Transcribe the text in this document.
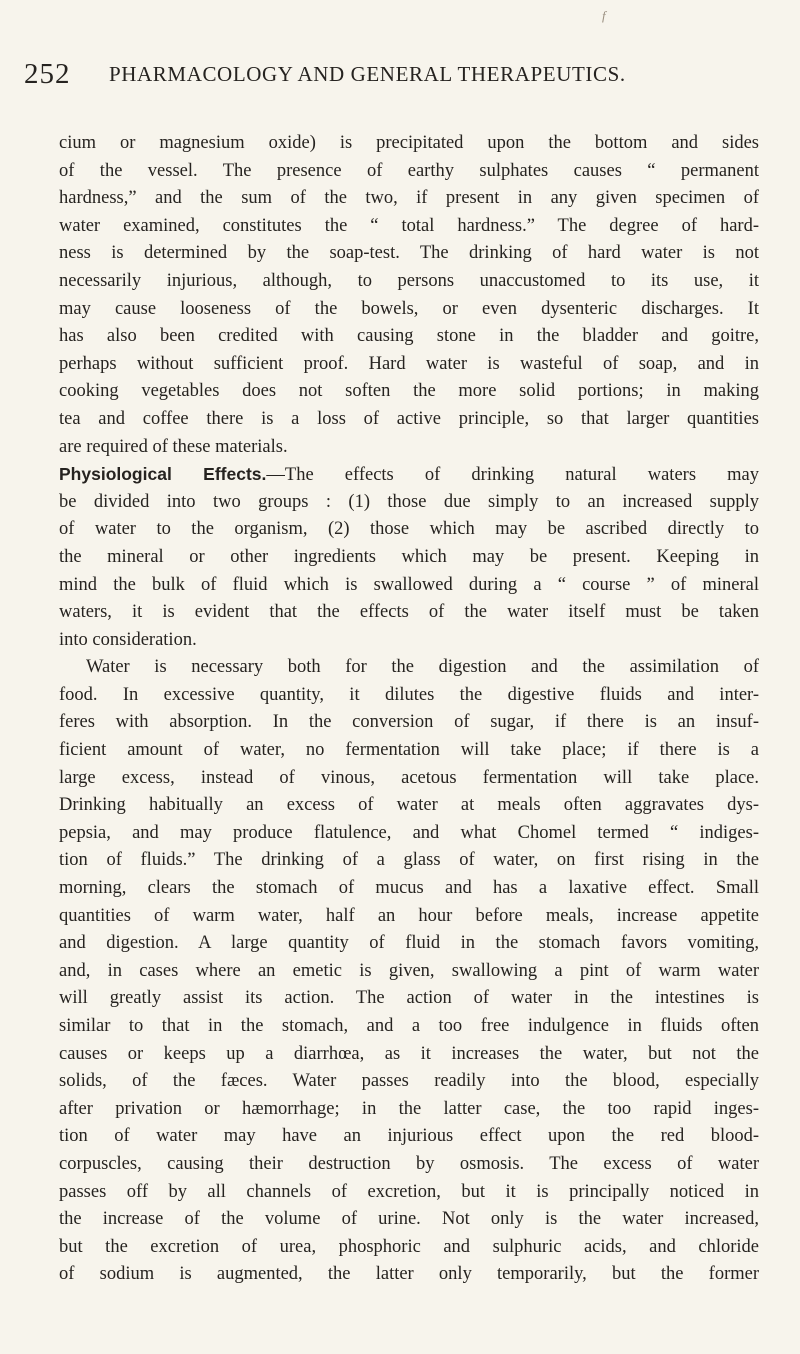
f
252 PHARMACOLOGY AND GENERAL THERAPEUTICS.
cium or magnesium oxide) is precipitated upon the bottom and sides
of the vessel. The presence of earthy sulphates causes “ permanent
hardness,” and the sum of the two, if present in any given specimen of
water examined, constitutes the “ total hardness.” The degree of hard-
ness is determined by the soap-test. The drinking of hard water is not
necessarily injurious, although, to persons unaccustomed to its use, it
may cause looseness of the bowels, or even dysenteric discharges. It
has also been credited with causing stone in the bladder and goitre,
perhaps without sufficient proof. Hard water is wasteful of soap, and in
cooking vegetables does not soften the more solid portions; in making
tea and coffee there is a loss of active principle, so that larger quantities
are required of these materials.
Physiological Effects.—The effects of drinking natural waters may
be divided into two groups : (1) those due simply to an increased supply
of water to the organism, (2) those which may be ascribed directly to
the mineral or other ingredients which may be present. Keeping in
mind the bulk of fluid which is swallowed during a “ course ” of mineral
waters, it is evident that the effects of the water itself must be taken
into consideration.
Water is necessary both for the digestion and the assimilation of
food. In excessive quantity, it dilutes the digestive fluids and inter-
feres with absorption. In the conversion of sugar, if there is an insuf-
ficient amount of water, no fermentation will take place; if there is a
large excess, instead of vinous, acetous fermentation will take place.
Drinking habitually an excess of water at meals often aggravates dys-
pepsia, and may produce flatulence, and what Chomel termed “ indiges-
tion of fluids.” The drinking of a glass of water, on first rising in the
morning, clears the stomach of mucus and has a laxative effect. Small
quantities of warm water, half an hour before meals, increase appetite
and digestion. A large quantity of fluid in the stomach favors vomiting,
and, in cases where an emetic is given, swallowing a pint of warm water
will greatly assist its action. The action of water in the intestines is
similar to that in the stomach, and a too free indulgence in fluids often
causes or keeps up a diarrhœa, as it increases the water, but not the
solids, of the fæces. Water passes readily into the blood, especially
after privation or hæmorrhage; in the latter case, the too rapid inges-
tion of water may have an injurious effect upon the red blood-
corpuscles, causing their destruction by osmosis. The excess of water
passes off by all channels of excretion, but it is principally noticed in
the increase of the volume of urine. Not only is the water increased,
but the excretion of urea, phosphoric and sulphuric acids, and chloride
of sodium is augmented, the latter only temporarily, but the former
